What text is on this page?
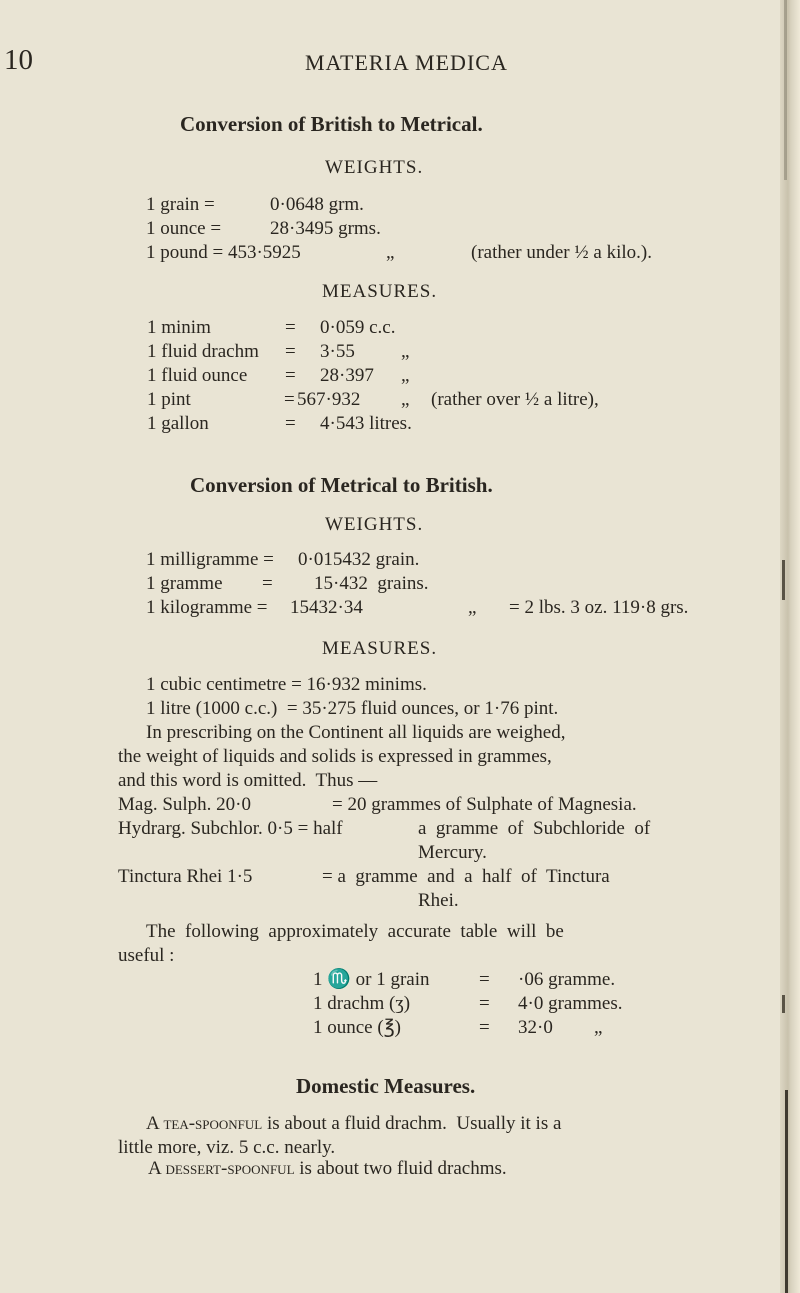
10	MATERIA MEDICA
Conversion of British to Metrical.
WEIGHTS.
1 grain =	0·0648 grm.
1 ounce =	28·3495 grms.
1 pound = 453·5925	„	(rather under ½ a kilo.).
MEASURES.
1 minim	= 0·059 c.c.
1 fluid drachm = 3·55 „
1 fluid ounce = 28·397 „
1 pint	= 567·932 „ (rather over ½ a litre),
1 gallon	= 4·543 litres.
Conversion of Metrical to British.
WEIGHTS.
1 milligramme = 0·015432 grain.
1 gramme = 15·432  grains.
1 kilogramme = 15432·34	„ = 2 lbs. 3 oz. 119·8 grs.
MEASURES.
1 cubic centimetre = 16·932 minims.
1 litre (1000 c.c.)  = 35·275 fluid ounces, or 1·76 pint.
In prescribing on the Continent all liquids are weighed,
the weight of liquids and solids is expressed in grammes,
and this word is omitted.  Thus —
Mag. Sulph. 20·0	= 20 grammes of Sulphate of Magnesia.
Hydrarg. Subchlor. 0·5 = half	a  gramme  of  Subchloride  of
Mercury.
Tinctura Rhei 1·5	= a  gramme  and  a  half  of  Tinctura
Rhei.
The  following  approximately  accurate  table  will  be
useful :
1 ♏ or 1 grain	= ·06 gramme.
1 drachm (ʒ)	= 4·0 grammes.
1 ounce (℥)	= 32·0 „
Domestic Measures.
A tea-spoonful is about a fluid drachm.  Usually it is a
little more, viz. 5 c.c. nearly.
A dessert-spoonful is about two fluid drachms.
